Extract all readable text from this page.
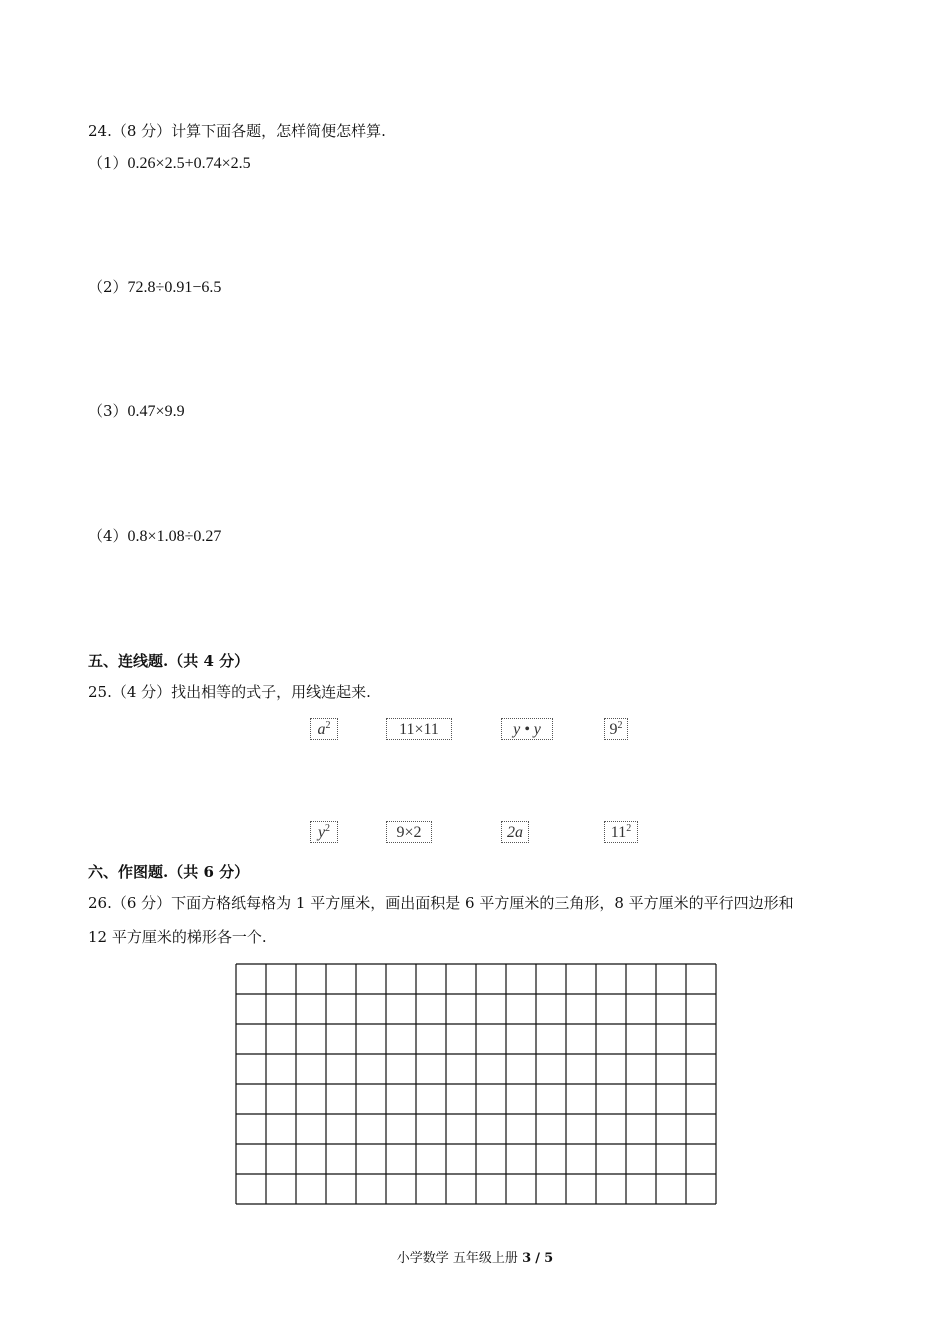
24.（8 分）计算下面各题，怎样简便怎样算.
（1）0.26×2.5+0.74×2.5
（2）72.8÷0.91−6.5
（3）0.47×9.9
（4）0.8×1.08÷0.27
五、连线题.（共 4 分）
25.（4 分）找出相等的式子，用线连起来.
$a^2$	11×11	y • y	$9^2$
$y^2$	9×2	2a	$11^2$
六、作图题.（共 6 分）
26.（6 分）下面方格纸每格为 1 平方厘米，画出面积是 6 平方厘米的三角形，8 平方厘米的平行四边形和
12 平方厘米的梯形各一个.
小学数学 五年级上册 3 / 5
